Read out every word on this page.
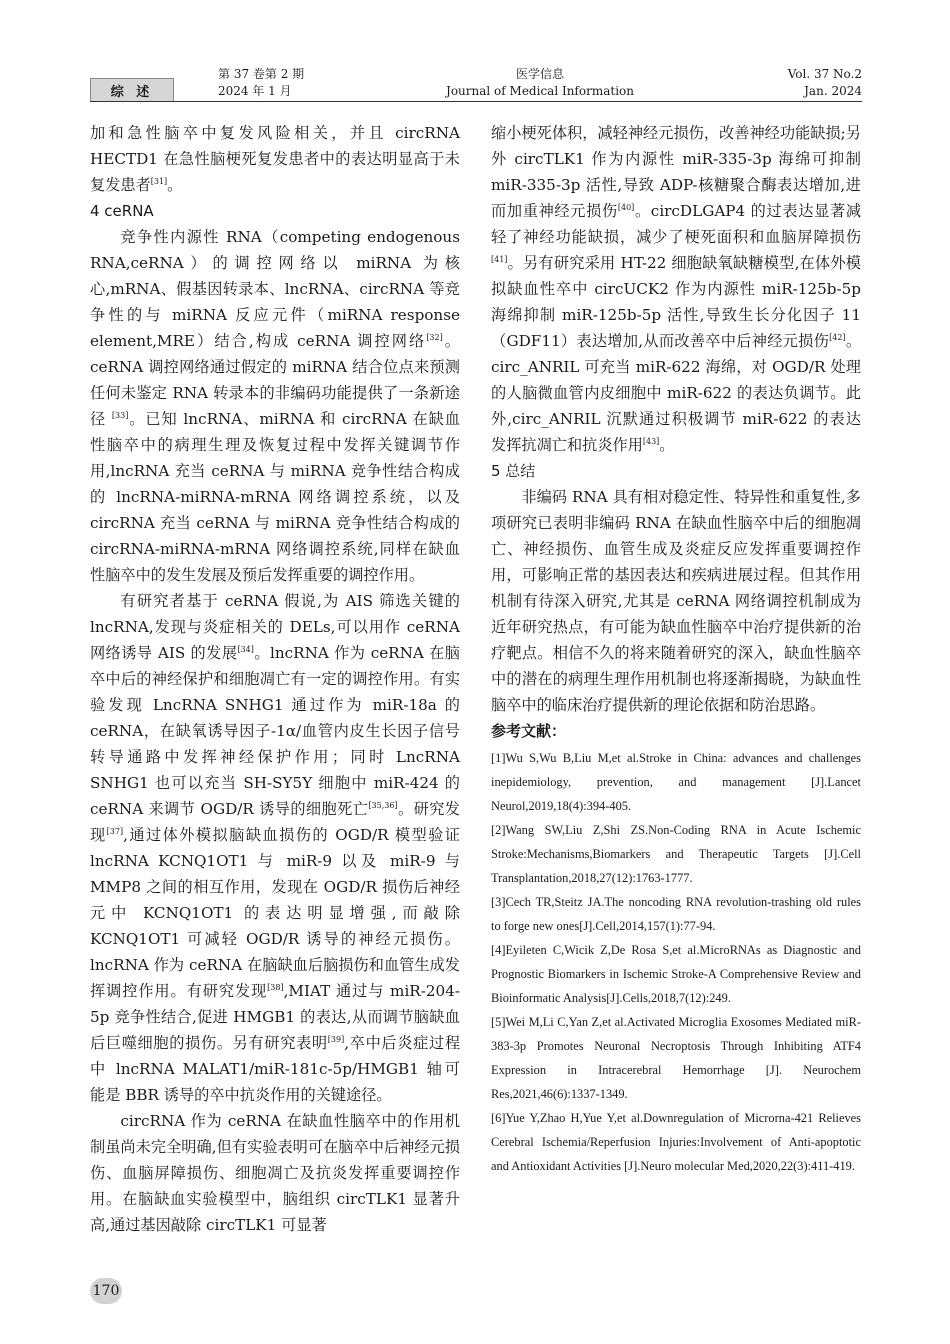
综 述
第 37 卷第 2 期
2024 年 1 月
医学信息
Journal of Medical Information
Vol. 37 No.2
Jan. 2024

加和急性脑卒中复发风险相关，并且 circRNA HECTD1 在急性脑梗死复发患者中的表达明显高于未复发患者[31]。

4 ceRNA

竞争性内源性 RNA（competing endogenous RNA,ceRNA）的调控网络以 miRNA 为核心,mRNA、假基因转录本、lncRNA、circRNA 等竞争性的与 miRNA 反应元件（miRNA response element,MRE）结合,构成 ceRNA 调控网络[32]。ceRNA 调控网络通过假定的 miRNA 结合位点来预测任何未鉴定 RNA 转录本的非编码功能提供了一条新途径 [33]。已知 lncRNA、miRNA 和 circRNA 在缺血性脑卒中的病理生理及恢复过程中发挥关键调节作用,lncRNA 充当 ceRNA 与 miRNA 竞争性结合构成的 lncRNA-miRNA-mRNA 网络调控系统，以及 circRNA 充当 ceRNA 与 miRNA 竞争性结合构成的 circRNA-miRNA-mRNA 网络调控系统,同样在缺血性脑卒中的发生发展及预后发挥重要的调控作用。

有研究者基于 ceRNA 假说,为 AIS 筛选关键的 lncRNA,发现与炎症相关的 DELs,可以用作 ceRNA 网络诱导 AIS 的发展[34]。lncRNA 作为 ceRNA 在脑卒中后的神经保护和细胞凋亡有一定的调控作用。有实验发现 LncRNA SNHG1 通过作为 miR-18a 的 ceRNA，在缺氧诱导因子-1α/血管内皮生长因子信号转导通路中发挥神经保护作用；同时 LncRNA SNHG1 也可以充当 SH-SY5Y 细胞中 miR-424 的 ceRNA 来调节 OGD/R 诱导的细胞死亡[35,36]。研究发现[37],通过体外模拟脑缺血损伤的 OGD/R 模型验证 lncRNA KCNQ1OT1 与 miR-9 以及 miR-9 与 MMP8 之间的相互作用，发现在 OGD/R 损伤后神经元中 KCNQ1OT1 的表达明显增强,而敲除 KCNQ1OT1 可减轻 OGD/R 诱导的神经元损伤。lncRNA 作为 ceRNA 在脑缺血后脑损伤和血管生成发挥调控作用。有研究发现[38],MIAT 通过与 miR-204-5p 竞争性结合,促进 HMGB1 的表达,从而调节脑缺血后巨噬细胞的损伤。另有研究表明[39],卒中后炎症过程中 lncRNA MALAT1/miR-181c-5p/HMGB1 轴可能是 BBR 诱导的卒中抗炎作用的关键途径。

circRNA 作为 ceRNA 在缺血性脑卒中的作用机制虽尚未完全明确,但有实验表明可在脑卒中后神经元损伤、血脑屏障损伤、细胞凋亡及抗炎发挥重要调控作用。在脑缺血实验模型中，脑组织 circTLK1 显著升高,通过基因敲除 circTLK1 可显著

缩小梗死体积，减轻神经元损伤，改善神经功能缺损;另外 circTLK1 作为内源性 miR-335-3p 海绵可抑制 miR-335-3p 活性,导致 ADP-核糖聚合酶表达增加,进而加重神经元损伤[40]。circDLGAP4 的过表达显著减轻了神经功能缺损，减少了梗死面积和血脑屏障损伤[41]。另有研究采用 HT-22 细胞缺氧缺糖模型,在体外模拟缺血性卒中 circUCK2 作为内源性 miR-125b-5p 海绵抑制 miR-125b-5p 活性,导致生长分化因子 11（GDF11）表达增加,从而改善卒中后神经元损伤[42]。circ_ANRIL 可充当 miR-622 海绵，对 OGD/R 处理的人脑微血管内皮细胞中 miR-622 的表达负调节。此外,circ_ANRIL 沉默通过积极调节 miR-622 的表达发挥抗凋亡和抗炎作用[43]。

5 总结

非编码 RNA 具有相对稳定性、特异性和重复性,多项研究已表明非编码 RNA 在缺血性脑卒中后的细胞凋亡、神经损伤、血管生成及炎症反应发挥重要调控作用，可影响正常的基因表达和疾病进展过程。但其作用机制有待深入研究,尤其是 ceRNA 网络调控机制成为近年研究热点，有可能为缺血性脑卒中治疗提供新的治疗靶点。相信不久的将来随着研究的深入，缺血性脑卒中的潜在的病理生理作用机制也将逐渐揭晓，为缺血性脑卒中的临床治疗提供新的理论依据和防治思路。

参考文献：

[1]Wu S,Wu B,Liu M,et al.Stroke in China: advances and challenges inepidemiology, prevention, and management [J].Lancet Neurol,2019,18(4):394-405.

[2]Wang SW,Liu Z,Shi ZS.Non-Coding RNA in Acute Ischemic Stroke:Mechanisms,Biomarkers and Therapeutic Targets [J].Cell Transplantation,2018,27(12):1763-1777.

[3]Cech TR,Steitz JA.The noncoding RNA revolution-trashing old rules to forge new ones[J].Cell,2014,157(1):77-94.

[4]Eyileten C,Wicik Z,De Rosa S,et al.MicroRNAs as Diagnostic and Prognostic Biomarkers in Ischemic Stroke-A Comprehensive Review and Bioinformatic Analysis[J].Cells,2018,7(12):249.

[5]Wei M,Li C,Yan Z,et al.Activated Microglia Exosomes Mediated miR-383-3p Promotes Neuronal Necroptosis Through Inhibiting ATF4 Expression in Intracerebral Hemorrhage [J]. Neurochem Res,2021,46(6):1337-1349.

[6]Yue Y,Zhao H,Yue Y,et al.Downregulation of Microrna-421 Relieves Cerebral Ischemia/Reperfusion Injuries:Involvement of Anti-apoptotic and Antioxidant Activities [J].Neuro molecular Med,2020,22(3):411-419.

170
